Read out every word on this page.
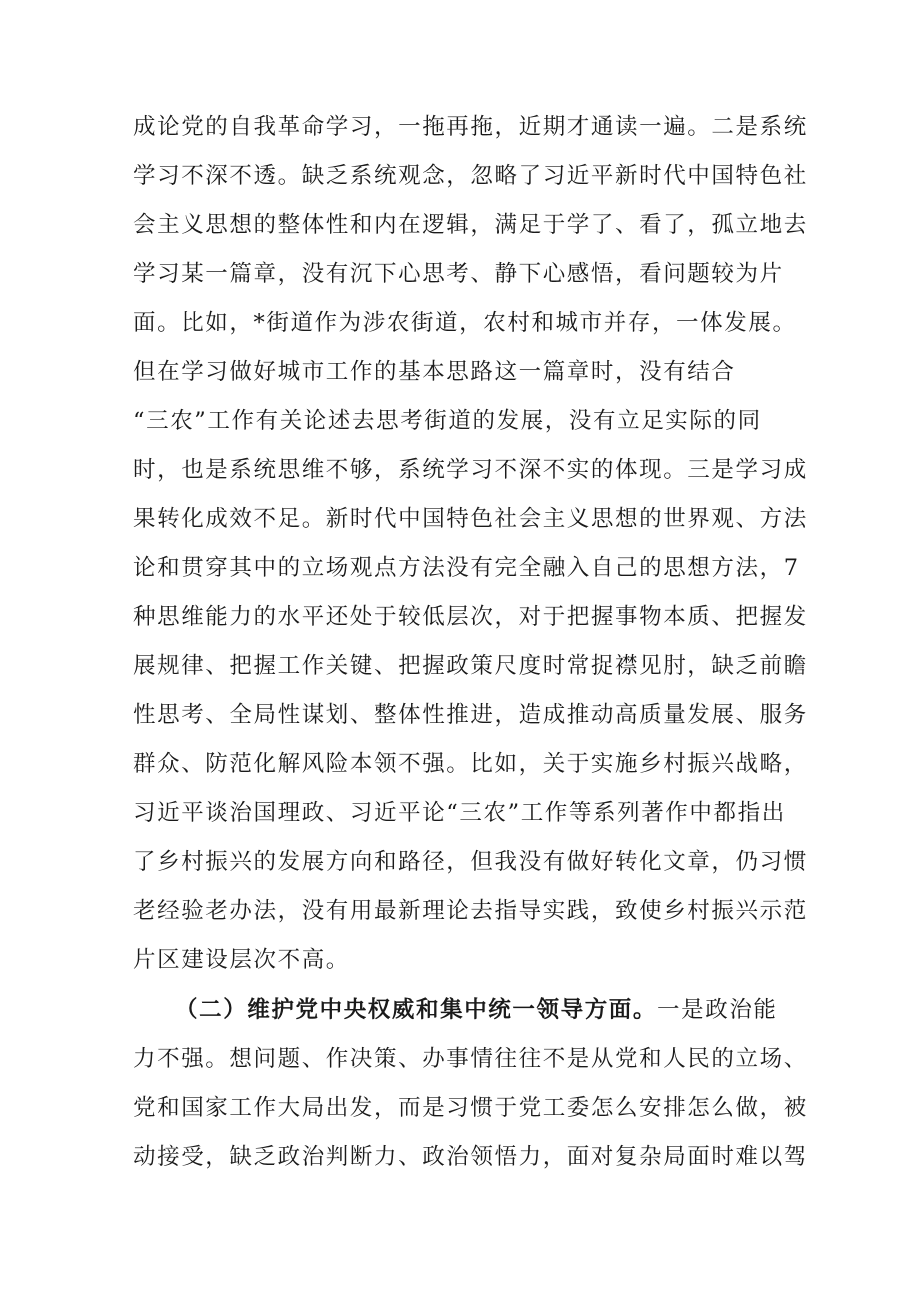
成论党的自我革命学习，一拖再拖，近期才通读一遍。二是系统
学习不深不透。缺乏系统观念，忽略了习近平新时代中国特色社
会主义思想的整体性和内在逻辑，满足于学了、看了，孤立地去
学习某一篇章，没有沉下心思考、静下心感悟，看问题较为片
面。比如，*街道作为涉农街道，农村和城市并存，一体发展。
但在学习做好城市工作的基本思路这一篇章时，没有结合
“三农”工作有关论述去思考街道的发展，没有立足实际的同
时，也是系统思维不够，系统学习不深不实的体现。三是学习成
果转化成效不足。新时代中国特色社会主义思想的世界观、方法
论和贯穿其中的立场观点方法没有完全融入自己的思想方法，7
种思维能力的水平还处于较低层次，对于把握事物本质、把握发
展规律、把握工作关键、把握政策尺度时常捉襟见肘，缺乏前瞻
性思考、全局性谋划、整体性推进，造成推动高质量发展、服务
群众、防范化解风险本领不强。比如，关于实施乡村振兴战略，
习近平谈治国理政、习近平论“三农”工作等系列著作中都指出
了乡村振兴的发展方向和路径，但我没有做好转化文章，仍习惯
老经验老办法，没有用最新理论去指导实践，致使乡村振兴示范
片区建设层次不高。
（二）维护党中央权威和集中统一领导方面。一是政治能
力不强。想问题、作决策、办事情往往不是从党和人民的立场、
党和国家工作大局出发，而是习惯于党工委怎么安排怎么做，被
动接受，缺乏政治判断力、政治领悟力，面对复杂局面时难以驾
